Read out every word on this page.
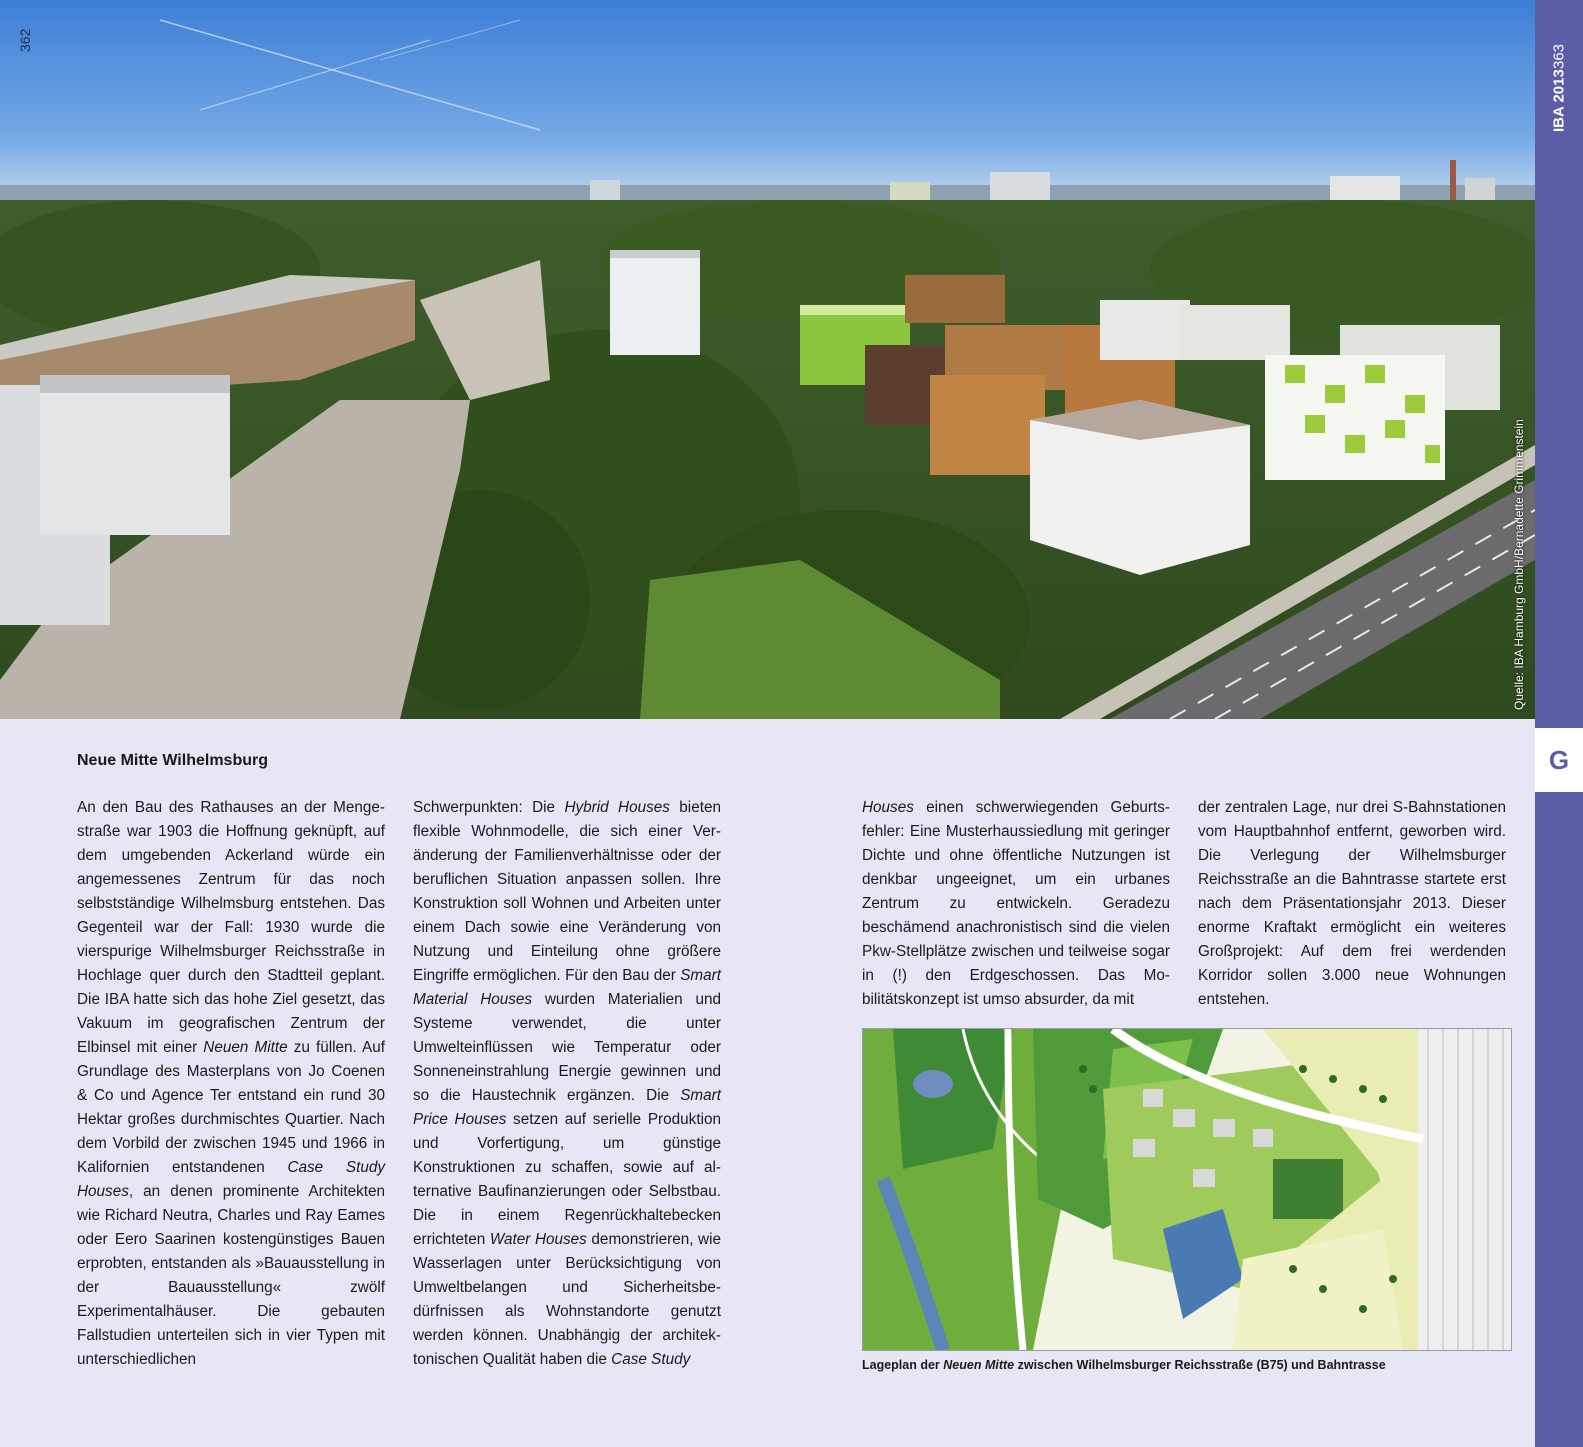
362
Quelle: IBA Hamburg GmbH/Bernadette Grimmenstein
IBA 2013
363
G
Neue Mitte Wilhelmsburg

An den Bau des Rathauses an der Mengestraße war 1903 die Hoffnung geknüpft, auf dem umgebenden Ackerland würde ein angemessenes Zentrum für das noch selbstständige Wilhelmsburg entstehen. Das Gegenteil war der Fall: 1930 wurde die vierspurige Wilhelmsburger Reichsstraße in Hochlage quer durch den Stadtteil geplant. Die IBA hatte sich das hohe Ziel gesetzt, das Vakuum im geografischen Zentrum der Elbinsel mit einer Neuen Mitte zu füllen. Auf Grundlage des Masterplans von Jo Coenen & Co und Agence Ter entstand ein rund 30 Hektar großes durchmischtes Quartier. Nach dem Vorbild der zwischen 1945 und 1966 in Kalifornien entstandenen Case Study Houses, an denen prominente Architekten wie Richard Neutra, Charles und Ray Eames oder Eero Saarinen kostengünstiges Bauen erprobten, entstanden als »Bauausstellung in der Bauausstellung« zwölf Experimentalhäuser. Die gebauten Fallstudien unterteilen sich in vier Typen mit unterschiedlichen

Schwerpunkten: Die Hybrid Houses bieten flexible Wohnmodelle, die sich einer Veränderung der Familienverhältnisse oder der beruflichen Situation anpassen sollen. Ihre Konstruktion soll Wohnen und Arbeiten unter einem Dach sowie eine Veränderung von Nutzung und Einteilung ohne größere Eingriffe ermöglichen. Für den Bau der Smart Material Houses wurden Materialien und Systeme verwendet, die unter Umwelteinflüssen wie Temperatur oder Sonneneinstrahlung Energie gewinnen und so die Haustechnik ergänzen. Die Smart Price Houses setzen auf serielle Produktion und Vorfertigung, um günstige Konstruktionen zu schaffen, sowie auf alternative Baufinanzierungen oder Selbstbau. Die in einem Regenrückhaltebecken errichteten Water Houses demonstrieren, wie Wasserlagen unter Berücksichtigung von Umweltbelangen und Sicherheitsbedürfnissen als Wohnstandorte genutzt werden können. Unabhängig der architektonischen Qualität haben die Case Study

Houses einen schwerwiegenden Geburtsfehler: Eine Musterhaussiedlung mit geringer Dichte und ohne öffentliche Nutzungen ist denkbar ungeeignet, um ein urbanes Zentrum zu entwickeln. Geradezu beschämend anachronistisch sind die vielen Pkw-Stellplätze zwischen und teilweise sogar in (!) den Erdgeschossen. Das Mobilitätskonzept ist umso absurder, da mit

der zentralen Lage, nur drei S-Bahnstationen vom Hauptbahnhof entfernt, geworben wird. Die Verlegung der Wilhelmsburger Reichsstraße an die Bahntrasse startete erst nach dem Präsentationsjahr 2013. Dieser enorme Kraftakt ermöglicht ein weiteres Großprojekt: Auf dem frei werdenden Korridor sollen 3.000 neue Wohnungen entstehen.

Lageplan der Neuen Mitte zwischen Wilhelmsburger Reichsstraße (B75) und Bahntrasse
